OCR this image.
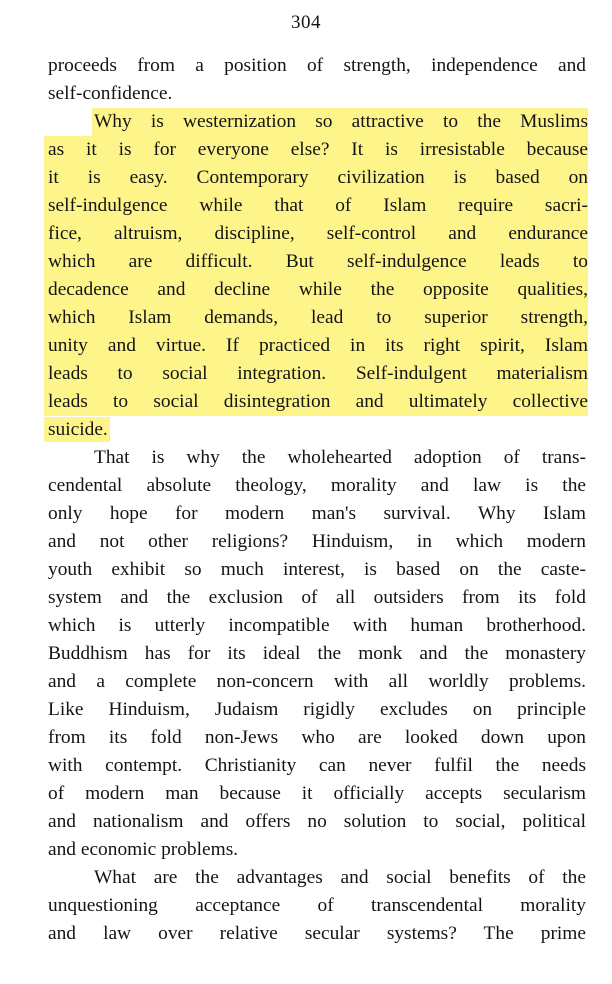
304
proceeds from a position of strength, independence and
self-confidence.
Why is westernization so attractive to the Muslims
as it is for everyone else? It is irresistable because
it is easy. Contemporary civilization is based on
self-indulgence while that of Islam require sacri-
fice, altruism, discipline, self-control and endurance
which are difficult. But self-indulgence leads to
decadence and decline while the opposite qualities,
which Islam demands, lead to superior strength,
unity and virtue. If practiced in its right spirit, Islam
leads to social integration. Self-indulgent materialism
leads to social disintegration and ultimately collective
suicide.
That is why the wholehearted adoption of trans-
cendental absolute theology, morality and law is the
only hope for modern man's survival. Why Islam
and not other religions? Hinduism, in which modern
youth exhibit so much interest, is based on the caste-
system and the exclusion of all outsiders from its fold
which is utterly incompatible with human brotherhood.
Buddhism has for its ideal the monk and the monastery
and a complete non-concern with all worldly problems.
Like Hinduism, Judaism rigidly excludes on principle
from its fold non-Jews who are looked down upon
with contempt. Christianity can never fulfil the needs
of modern man because it officially accepts secularism
and nationalism and offers no solution to social, political
and economic problems.
What are the advantages and social benefits of the
unquestioning acceptance of transcendental morality
and law over relative secular systems? The prime
